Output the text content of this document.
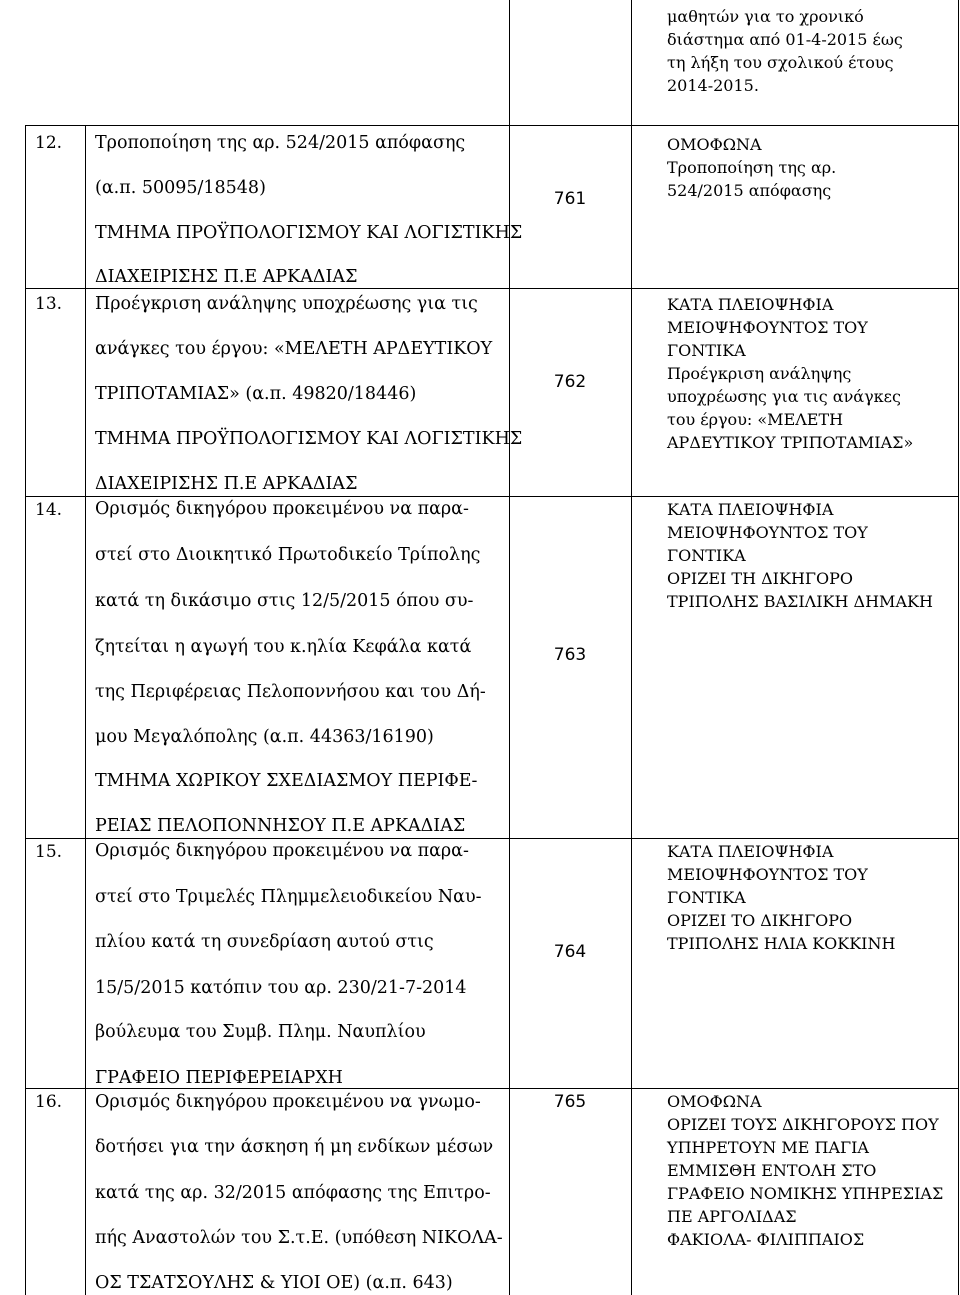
μαθητών για το χρονικό
διάστημα από 01-4-2015 έως
τη λήξη του σχολικού έτους
2014-2015.
12. Τροποποίηση της αρ. 524/2015 απόφασης
(α.π. 50095/18548)
ΤΜΗΜΑ ΠΡΟΫΠΟΛΟΓΙΣΜΟΥ ΚΑΙ ΛΟΓΙΣΤΙΚΗΣ
ΔΙΑΧΕΙΡΙΣΗΣ Π.Ε ΑΡΚΑΔΙΑΣ
761
ΟΜΟΦΩΝΑ
Τροποποίηση της αρ.
524/2015 απόφασης
13. Προέγκριση ανάληψης υποχρέωσης για τις
ανάγκες του έργου: «ΜΕΛΕΤΗ ΑΡΔΕΥΤΙΚΟΥ
ΤΡΙΠΟΤΑΜΙΑΣ» (α.π. 49820/18446)
ΤΜΗΜΑ ΠΡΟΫΠΟΛΟΓΙΣΜΟΥ ΚΑΙ ΛΟΓΙΣΤΙΚΗΣ
ΔΙΑΧΕΙΡΙΣΗΣ Π.Ε ΑΡΚΑΔΙΑΣ
762
ΚΑΤΑ ΠΛΕΙΟΨΗΦΙΑ
ΜΕΙΟΨΗΦΟΥΝΤΟΣ ΤΟΥ
ΓΟΝΤΙΚΑ
Προέγκριση ανάληψης
υποχρέωσης για τις ανάγκες
του έργου: «ΜΕΛΕΤΗ
ΑΡΔΕΥΤΙΚΟΥ ΤΡΙΠΟΤΑΜΙΑΣ»
14. Ορισμός δικηγόρου προκειμένου να παρα-
στεί στο Διοικητικό Πρωτοδικείο Τρίπολης
κατά τη δικάσιμο στις 12/5/2015 όπου συ-
ζητείται η αγωγή του κ.ηλία Κεφάλα κατά
της Περιφέρειας Πελοποννήσου και του Δή-
μου Μεγαλόπολης (α.π. 44363/16190)
ΤΜΗΜΑ ΧΩΡΙΚΟΥ ΣΧΕΔΙΑΣΜΟΥ ΠΕΡΙΦΕ-
ΡΕΙΑΣ ΠΕΛΟΠΟΝΝΗΣΟΥ Π.Ε ΑΡΚΑΔΙΑΣ
763
ΚΑΤΑ ΠΛΕΙΟΨΗΦΙΑ
ΜΕΙΟΨΗΦΟΥΝΤΟΣ ΤΟΥ
ΓΟΝΤΙΚΑ
ΟΡΙΖΕΙ ΤΗ ΔΙΚΗΓΟΡΟ
ΤΡΙΠΟΛΗΣ ΒΑΣΙΛΙΚΗ ΔΗΜΑΚΗ
15. Ορισμός δικηγόρου προκειμένου να παρα-
στεί στο Τριμελές Πλημμελειοδικείου Ναυ-
πλίου κατά τη συνεδρίαση αυτού στις
15/5/2015 κατόπιν του αρ. 230/21-7-2014
βούλευμα του Συμβ. Πλημ. Ναυπλίου
ΓΡΑΦΕΙΟ ΠΕΡΙΦΕΡΕΙΑΡΧΗ
764
ΚΑΤΑ ΠΛΕΙΟΨΗΦΙΑ
ΜΕΙΟΨΗΦΟΥΝΤΟΣ ΤΟΥ
ΓΟΝΤΙΚΑ
ΟΡΙΖΕΙ ΤΟ ΔΙΚΗΓΟΡΟ
ΤΡΙΠΟΛΗΣ ΗΛΙΑ ΚΟΚΚΙΝΗ
16. Ορισμός δικηγόρου προκειμένου να γνωμο-
δοτήσει για την άσκηση ή μη ενδίκων μέσων
κατά της αρ. 32/2015 απόφασης της Επιτρο-
πής Αναστολών του Σ.τ.Ε. (υπόθεση ΝΙΚΟΛΑ-
ΟΣ ΤΣΑΤΣΟΥΛΗΣ & ΥΙΟΙ ΟΕ) (α.π. 643)
765	ΟΜΟΦΩΝΑ
ΟΡΙΖΕΙ ΤΟΥΣ ΔΙΚΗΓΟΡΟΥΣ ΠΟΥ
ΥΠΗΡΕΤΟΥΝ ΜΕ ΠΑΓΙΑ
ΕΜΜΙΣΘΗ ΕΝΤΟΛΗ ΣΤΟ
ΓΡΑΦΕΙΟ ΝΟΜΙΚΗΣ ΥΠΗΡΕΣΙΑΣ
ΠΕ ΑΡΓΟΛΙΔΑΣ
ΦΑΚΙΟΛΑ- ΦΙΛΙΠΠΑΙΟΣ
